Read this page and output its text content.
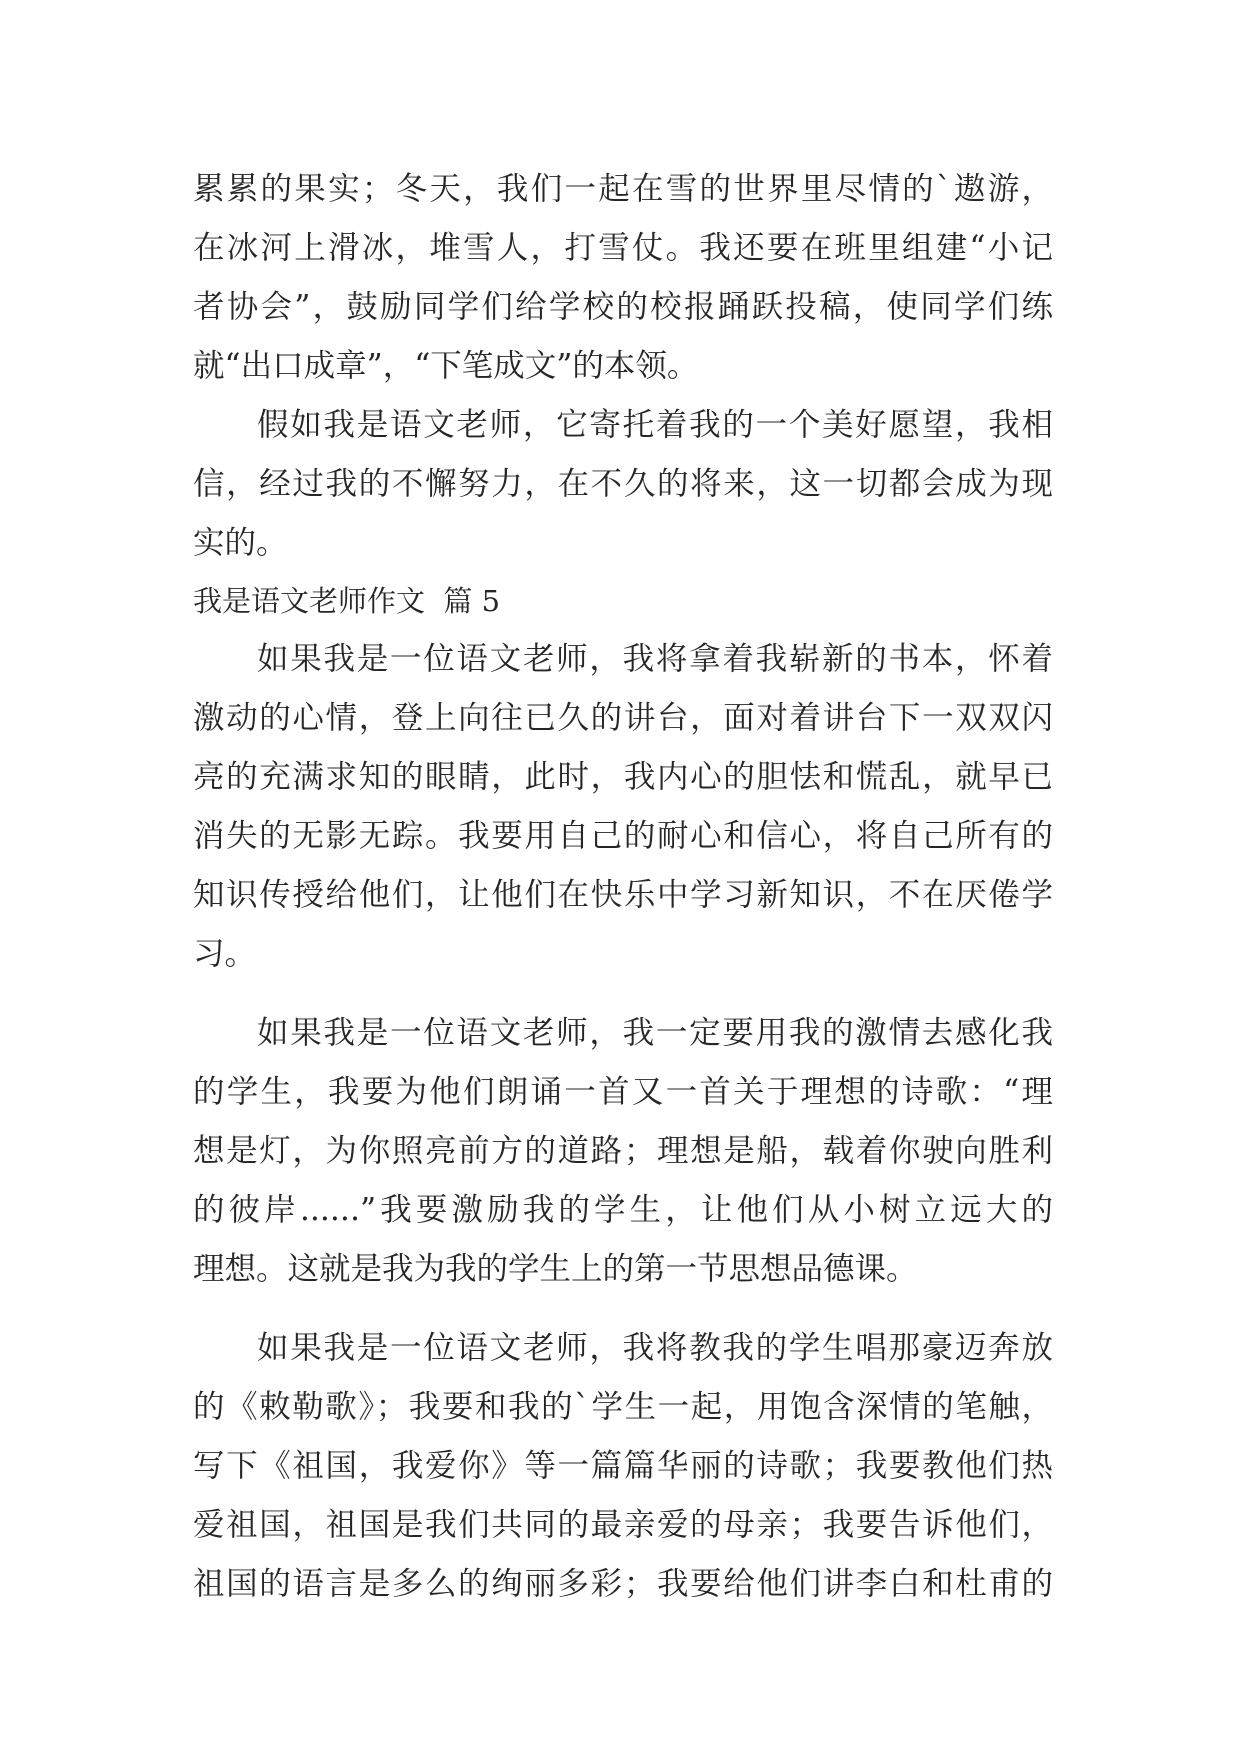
累累的果实；冬天，我们一起在雪的世界里尽情的`遨游，
在冰河上滑冰，堆雪人，打雪仗。我还要在班里组建“小记
者协会”，鼓励同学们给学校的校报踊跃投稿，使同学们练
就“出口成章”，“下笔成文”的本领。
假如我是语文老师，它寄托着我的一个美好愿望，我相
信，经过我的不懈努力，在不久的将来，这一切都会成为现
实的。
我是语文老师作文  篇 5
如果我是一位语文老师，我将拿着我崭新的书本，怀着
激动的心情，登上向往已久的讲台，面对着讲台下一双双闪
亮的充满求知的眼睛，此时，我内心的胆怯和慌乱，就早已
消失的无影无踪。我要用自己的耐心和信心，将自己所有的
知识传授给他们，让他们在快乐中学习新知识，不在厌倦学
习。
如果我是一位语文老师，我一定要用我的激情去感化我
的学生，我要为他们朗诵一首又一首关于理想的诗歌：“理
想是灯，为你照亮前方的道路；理想是船，载着你驶向胜利
的彼岸......”我要激励我的学生，让他们从小树立远大的
理想。这就是我为我的学生上的第一节思想品德课。
如果我是一位语文老师，我将教我的学生唱那豪迈奔放
的《敕勒歌》；我要和我的`学生一起，用饱含深情的笔触，
写下《祖国，我爱你》等一篇篇华丽的诗歌；我要教他们热
爱祖国，祖国是我们共同的最亲爱的母亲；我要告诉他们，
祖国的语言是多么的绚丽多彩；我要给他们讲李白和杜甫的
